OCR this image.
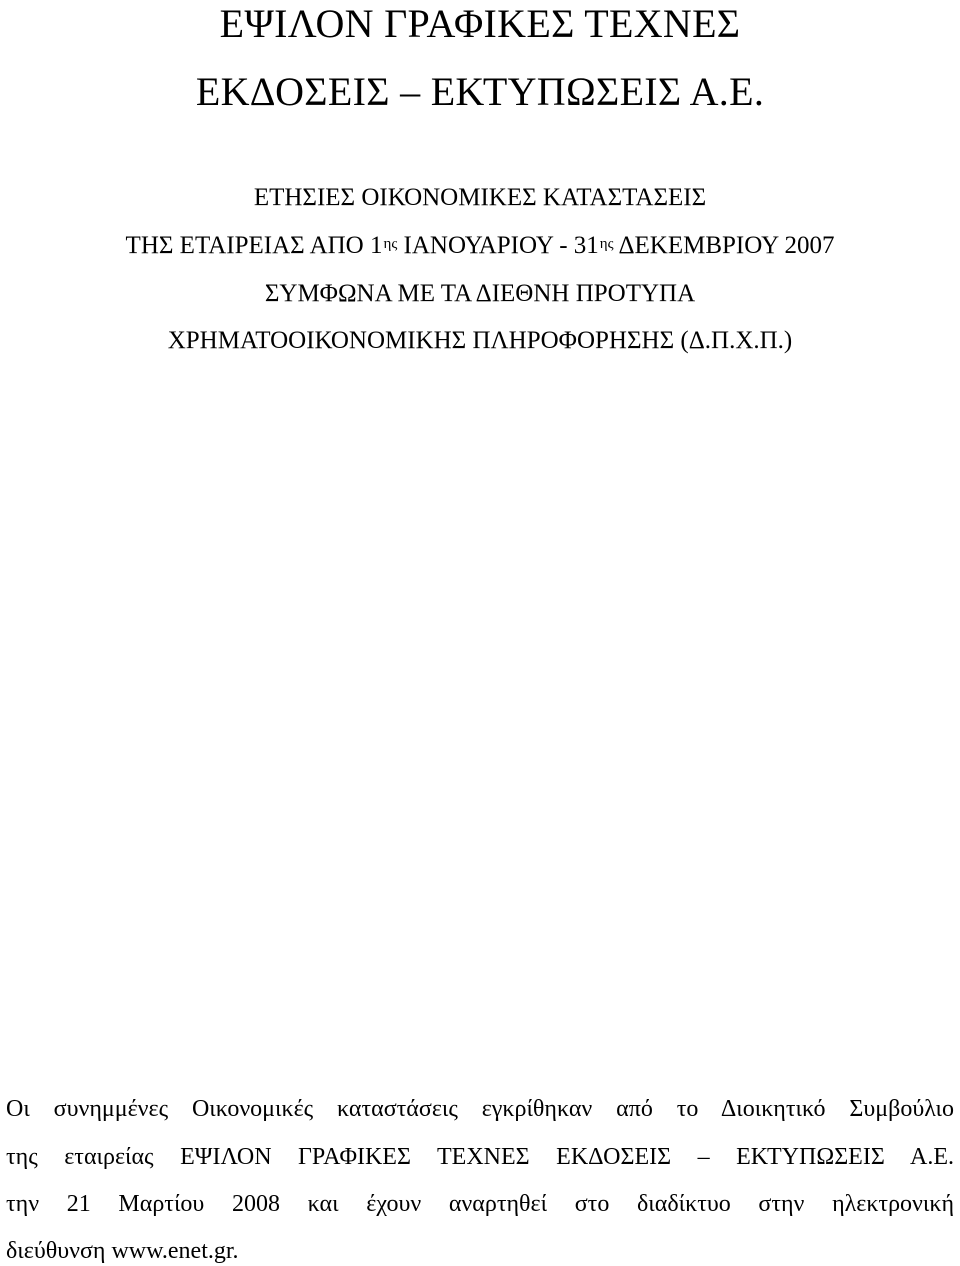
ΕΨΙΛΟΝ ΓΡΑΦΙΚΕΣ ΤΕΧΝΕΣ
ΕΚΔΟΣΕΙΣ – ΕΚΤΥΠΩΣΕΙΣ Α.Ε.
ΕΤΗΣΙΕΣ ΟΙΚΟΝΟΜΙΚΕΣ ΚΑΤΑΣΤΑΣΕΙΣ
ΤΗΣ ΕΤΑΙΡΕΙΑΣ ΑΠΟ $1^{\eta\varsigma}$ ΙΑΝΟΥΑΡΙΟΥ - $31^{\eta\varsigma}$ ΔΕΚΕΜΒΡΙΟΥ 2007
ΣΥΜΦΩΝΑ ΜΕ ΤΑ ΔΙΕΘΝΗ ΠΡΟΤΥΠΑ
ΧΡΗΜΑΤΟΟΙΚΟΝΟΜΙΚΗΣ ΠΛΗΡΟΦΟΡΗΣΗΣ (Δ.Π.Χ.Π.)
Οι συνημμένες Οικονομικές καταστάσεις εγκρίθηκαν από το Διοικητικό Συμβούλιο
της εταιρείας ΕΨΙΛΟΝ ΓΡΑΦΙΚΕΣ ΤΕΧΝΕΣ ΕΚΔΟΣΕΙΣ – ΕΚΤΥΠΩΣΕΙΣ Α.Ε.
την 21 Μαρτίου 2008 και έχουν αναρτηθεί στο διαδίκτυο στην ηλεκτρονική
διεύθυνση www.enet.gr.
